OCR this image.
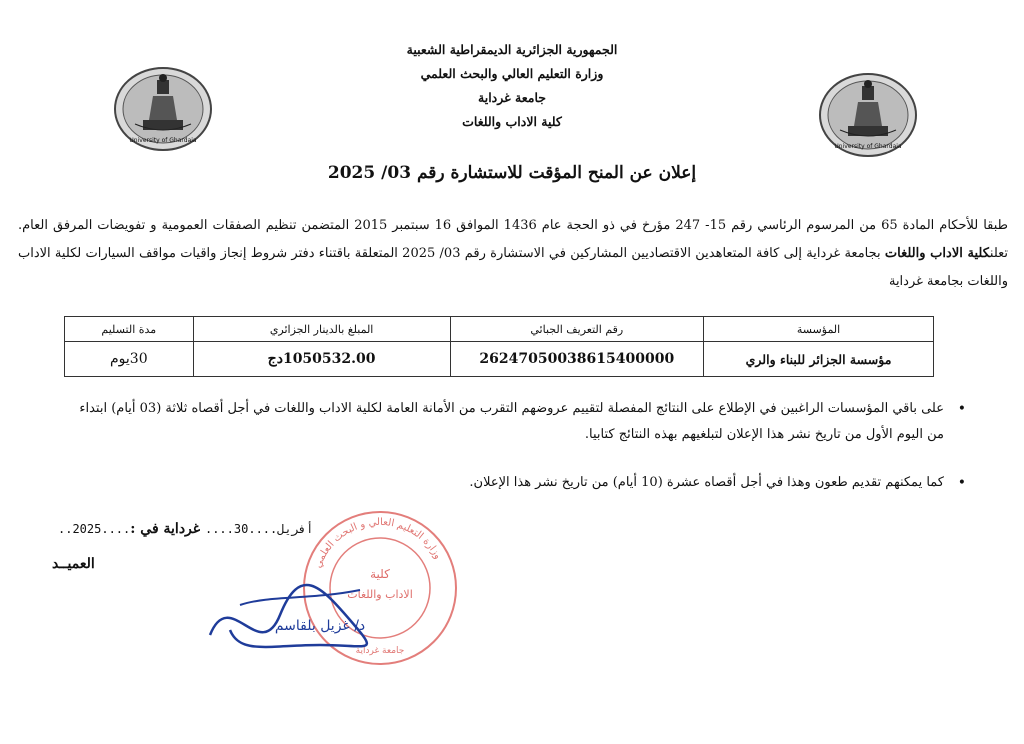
University of Ghardaia
University of Ghardaia
الجمهورية الجزائرية الديمقراطية الشعبية
وزارة التعليم العالي والبحث العلمي
جامعة غرداية
كلية الاداب واللغات
إعلان عن المنح المؤقت للاستشارة رقم 03/ 2025
طبقا للأحكام المادة 65 من المرسوم الرئاسي رقم 15- 247 مؤرخ في ذو الحجة عام 1436 الموافق 16 سبتمبر 2015 المتضمن تنظيم الصفقات العمومية و تفويضات المرفق العام. تعلنكلية الاداب واللغات بجامعة غرداية إلى كافة المتعاهدين الاقتصاديين المشاركين في الاستشارة رقم 03/ 2025 المتعلقة باقتناء دفتر شروط إنجاز واقيات مواقف السيارات لكلية الاداب واللغات بجامعة غرداية
المؤسسة	رقم التعريف الجبائي	المبلغ بالدينار الجزائري	مدة التسليم
مؤسسة الجزائر للبناء والري	26247050038615400000	1050532.00دج	30يوم
•
على باقي المؤسسات الراغبين في الإطلاع على النتائج المفصلة لتقييم عروضهم التقرب من الأمانة العامة لكلية الاداب واللغات في أجل أقصاه ثلاثة (03 أيام) ابتداء من اليوم الأول من تاريخ نشر هذا الإعلان لتبلغيهم بهذه النتائج كتابيا.
•
كما يمكنهم تقديم طعون وهذا في أجل أقصاه عشرة (10 أيام) من تاريخ نشر هذا الإعلان.
..2025....أفريل....30.... غرداية في :
العميــد	وزارة التعليم العالي و البحث العلمي
كلية
الاداب واللغات
جامعة غرداية
د/ غزيل بلقاسم
